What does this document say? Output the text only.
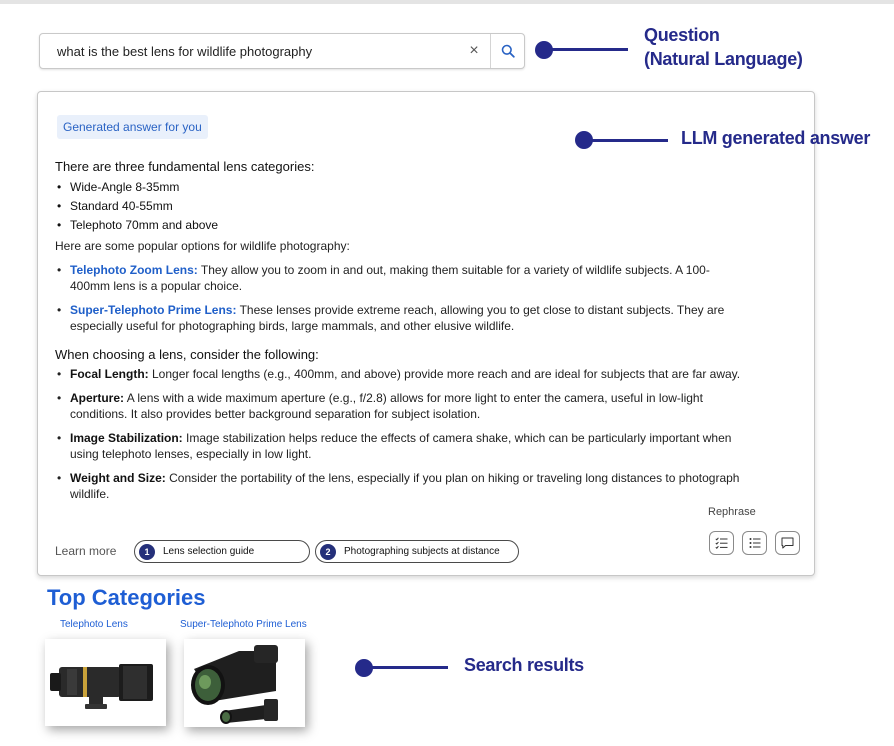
what is the best lens for wildlife photography
×
Question
(Natural Language)
Generated answer for you

There are three fundamental lens categories:

• Wide-Angle 8-35mm
• Standard 40-55mm
• Telephoto 70mm and above

Here are some popular options for wildlife photography:

• Telephoto Zoom Lens: They allow you to zoom in and out, making them suitable for a variety of wildlife subjects. A 100-400mm lens is a popular choice.
• Super-Telephoto Prime Lens: These lenses provide extreme reach, allowing you to get close to distant subjects. They are especially useful for photographing birds, large mammals, and other elusive wildlife.

When choosing a lens, consider the following:

• Focal Length: Longer focal lengths (e.g., 400mm, and above) provide more reach and are ideal for subjects that are far away.
• Aperture: A lens with a wide maximum aperture (e.g., f/2.8) allows for more light to enter the camera, useful in low-light conditions. It also provides better background separation for subject isolation.
• Image Stabilization: Image stabilization helps reduce the effects of camera shake, which can be particularly important when using telephoto lenses, especially in low light.
• Weight and Size: Consider the portability of the lens, especially if you plan on hiking or traveling long distances to photograph wildlife.
Learn more	1	Lens selection guide	2	Photographing subjects at distance
Rephrase
LLM generated answer
Top Categories
Telephoto Lens	Super-Telephoto Prime Lens
Search results
